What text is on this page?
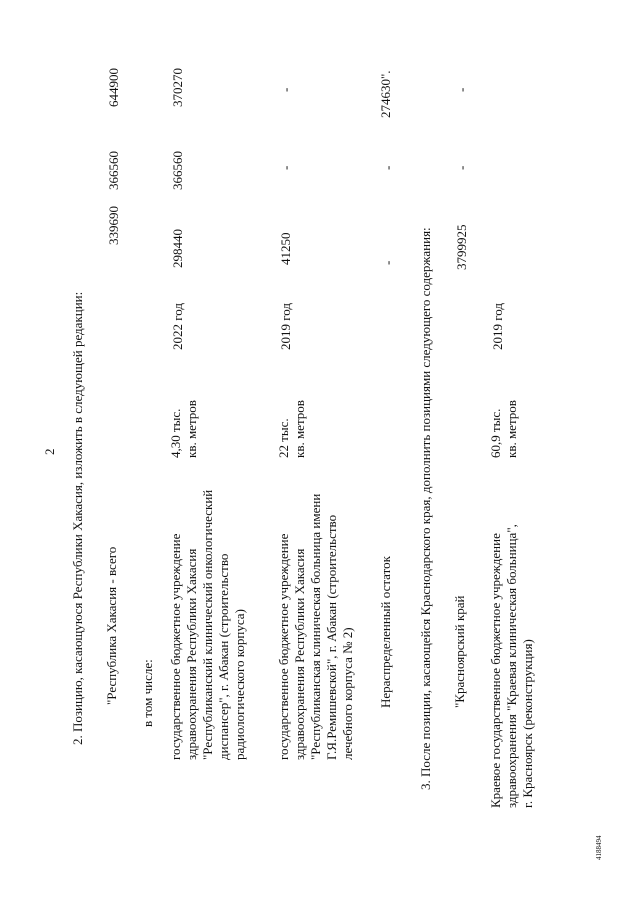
2 2. Позицию, касающуюся Республики Хакасия, изложить в следующей редакции: "Республика Хакасия - всего
339690
366560
644900
в том числе: государственное бюджетное учреждение здравоохранения Республики Хакасия "Республиканский клинический онкологический диспансер", г. Абакан (строительство радиологического корпуса)
4,30 тыс. кв. метров
2022 год
298440
366560
370270
государственное бюджетное учреждение здравоохранения Республики Хакасия "Республиканская клиническая больница имени Г.Я.Ремишевской", г. Абакан (строительство лечебного корпуса № 2)
22 тыс. кв. метров
2019 год
41250
-
-
Нераспределенный остаток
-
-
274630".
3. После позиции, касающейся Краснодарского края, дополнить позициями следующего содержания: "Красноярский край
3799925
-
-
Краевое государственное бюджетное учреждение здравоохранения "Краевая клиническая больница", г. Красноярск (реконструкция)
60,9 тыс. кв. метров
2019 год
4188494
